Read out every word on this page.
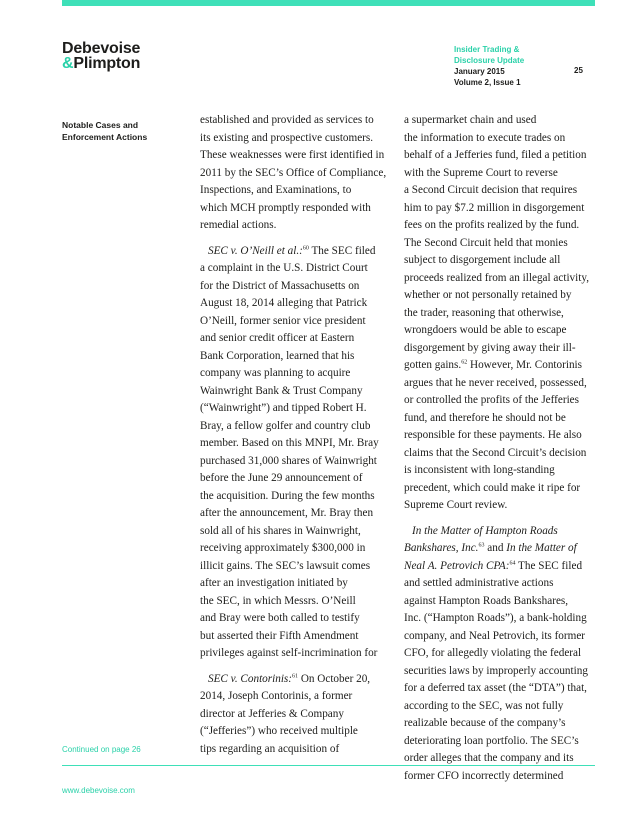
Debevoise
&Plimpton
Insider Trading &
Disclosure Update
January 2015
Volume 2, Issue 1
25
Notable Cases and Enforcement Actions

established and provided as services to
its existing and prospective customers.
These weaknesses were first identified in
2011 by the SEC’s Office of Compliance,
Inspections, and Examinations, to
which MCH promptly responded with
remedial actions.

SEC v. O’Neill et al.:$^{60}$ The SEC filed
a complaint in the U.S. District Court
for the District of Massachusetts on
August 18, 2014 alleging that Patrick
O’Neill, former senior vice president
and senior credit officer at Eastern
Bank Corporation, learned that his
company was planning to acquire
Wainwright Bank & Trust Company
(“Wainwright”) and tipped Robert H.
Bray, a fellow golfer and country club
member. Based on this MNPI, Mr. Bray
purchased 31,000 shares of Wainwright
before the June 29 announcement of
the acquisition. During the few months
after the announcement, Mr. Bray then
sold all of his shares in Wainwright,
receiving approximately $300,000 in
illicit gains. The SEC’s lawsuit comes
after an investigation initiated by
the SEC, in which Messrs. O’Neill
and Bray were both called to testify
but asserted their Fifth Amendment
privileges against self-incrimination for

SEC v. Contorinis:$^{61}$ On October 20,
2014, Joseph Contorinis, a former
director at Jefferies & Company
(“Jefferies”) who received multiple
tips regarding an acquisition of

a supermarket chain and used
the information to execute trades on
behalf of a Jefferies fund, filed a petition
with the Supreme Court to reverse
a Second Circuit decision that requires
him to pay $7.2 million in disgorgement
fees on the profits realized by the fund.
The Second Circuit held that monies
subject to disgorgement include all
proceeds realized from an illegal activity,
whether or not personally retained by
the trader, reasoning that otherwise,
wrongdoers would be able to escape
disgorgement by giving away their ill-
gotten gains.$^{62}$ However, Mr. Contorinis
argues that he never received, possessed,
or controlled the profits of the Jefferies
fund, and therefore he should not be
responsible for these payments. He also
claims that the Second Circuit’s decision
is inconsistent with long-standing
precedent, which could make it ripe for
Supreme Court review.

In the Matter of Hampton Roads
Bankshares, Inc.$^{63}$ and In the Matter of
Neal A. Petrovich CPA:$^{64}$ The SEC filed
and settled administrative actions
against Hampton Roads Bankshares,
Inc. (“Hampton Roads”), a bank-holding
company, and Neal Petrovich, its former
CFO, for allegedly violating the federal
securities laws by improperly accounting
for a deferred tax asset (the “DTA”) that,
according to the SEC, was not fully
realizable because of the company’s
deteriorating loan portfolio. The SEC’s
order alleges that the company and its
former CFO incorrectly determined

Continued on page 26
www.debevoise.com
